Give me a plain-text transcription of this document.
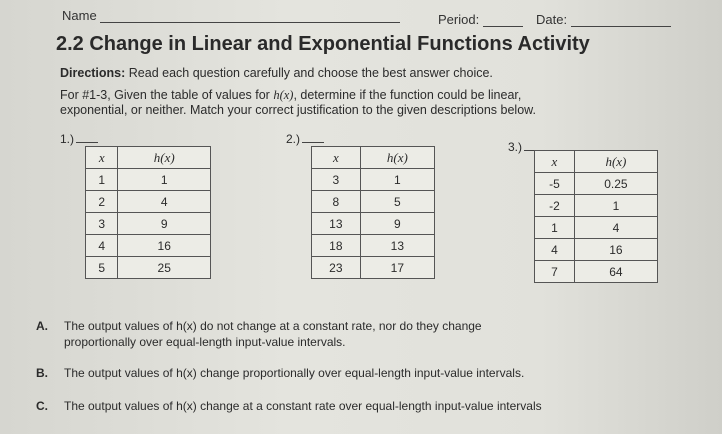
Name	Period:	Date:
2.2 Change in Linear and Exponential Functions Activity
Directions: Read each question carefully and choose the best answer choice.
For #1-3, Given the table of values for h(x), determine if the function could be linear,
exponential, or neither. Match your correct justification to the given descriptions below.
1.)
x	h(x)
1	1
2	4
3	9
4	16
5	25
2.)
x	h(x)
3	1
8	5
13	9
18	13
23	17
3.)
x	h(x)
-5	0.25
-2	1
1	4
4	16
7	64
A. The output values of h(x) do not change at a constant rate, nor do they change
proportionally over equal-length input-value intervals.
B. The output values of h(x) change proportionally over equal-length input-value intervals.
C. The output values of h(x) change at a constant rate over equal-length input-value intervals
